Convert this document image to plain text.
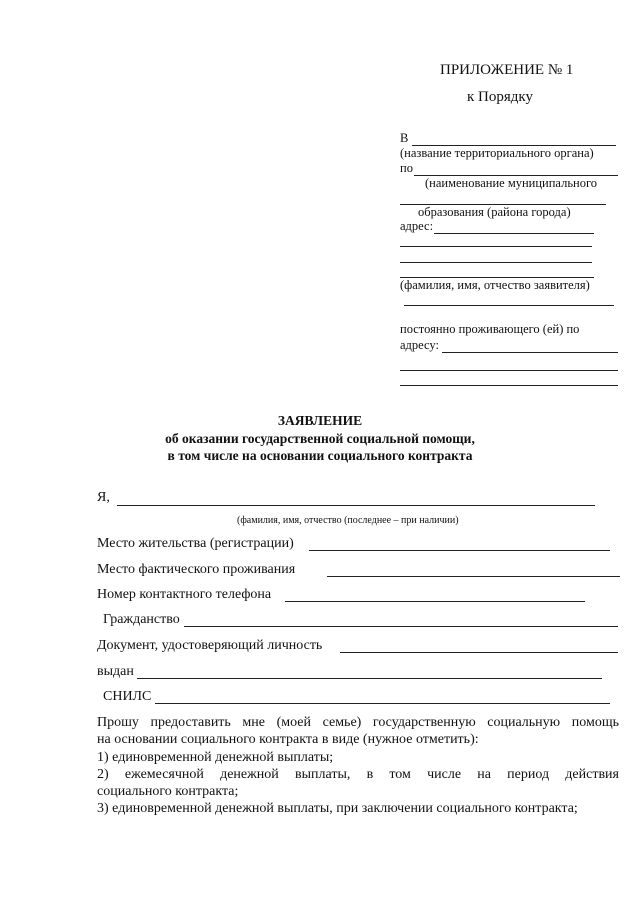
ПРИЛОЖЕНИЕ № 1
к Порядку
В
(название территориального органа)
по
(наименование муниципального
образования (района города)
адрес:
(фамилия, имя, отчество заявителя)
постоянно проживающего (ей) по
адресу:
ЗАЯВЛЕНИЕ
об оказании государственной социальной помощи,
в том числе на основании социального контракта
Я,
(фамилия, имя, отчество (последнее – при наличии)
Место жительства (регистрации)
Место фактического проживания
Номер контактного телефона
Гражданство
Документ, удостоверяющий личность
выдан
СНИЛС
Прошу предоставить мне (моей семье) государственную социальную помощь
на основании социального контракта в виде (нужное отметить):
1) единовременной денежной выплаты;
2) ежемесячной денежной выплаты, в том числе на период действия
социального контракта;
3) единовременной денежной выплаты, при заключении социального контракта;
